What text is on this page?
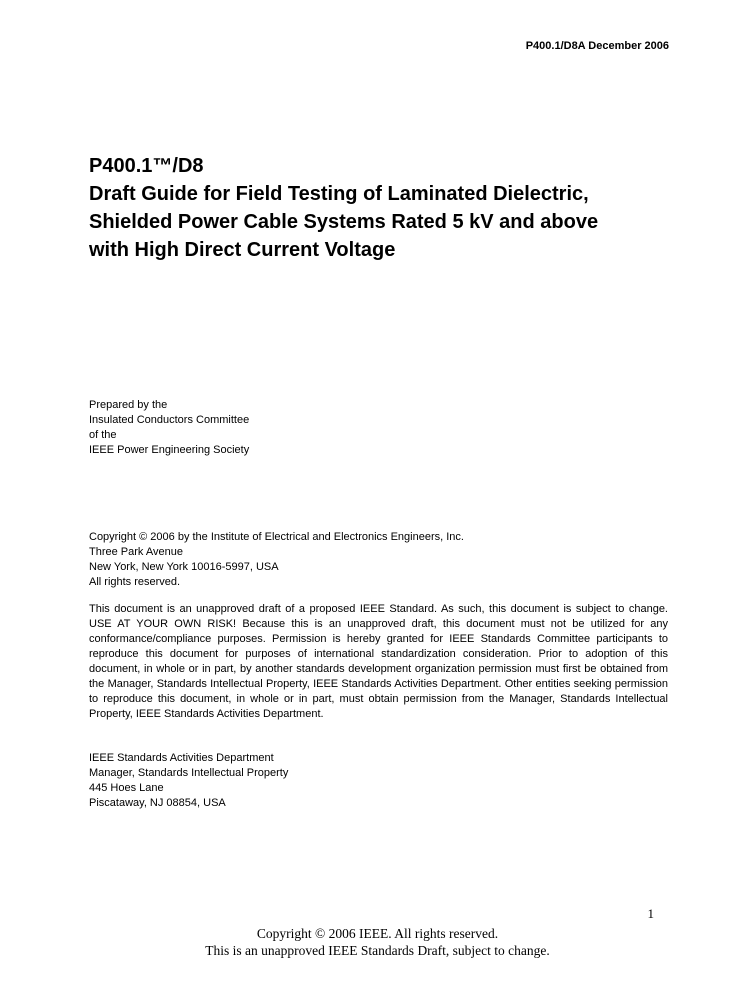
P400.1/D8A December 2006
P400.1™/D8
Draft Guide for Field Testing of Laminated Dielectric,
Shielded Power Cable Systems Rated 5 kV and above
with High Direct Current Voltage
Prepared by the
Insulated Conductors Committee
of the
IEEE Power Engineering Society
Copyright © 2006 by the Institute of Electrical and Electronics Engineers, Inc.
Three Park Avenue
New York, New York 10016-5997, USA
All rights reserved.
This document is an unapproved draft of a proposed IEEE Standard. As such, this document is subject to change. USE AT YOUR OWN RISK! Because this is an unapproved draft, this document must not be utilized for any conformance/compliance purposes. Permission is hereby granted for IEEE Standards Committee participants to reproduce this document for purposes of international standardization consideration. Prior to adoption of this document, in whole or in part, by another standards development organization permission must first be obtained from the Manager, Standards Intellectual Property, IEEE Standards Activities Department. Other entities seeking permission to reproduce this document, in whole or in part, must obtain permission from the Manager, Standards Intellectual Property, IEEE Standards Activities Department.
IEEE Standards Activities Department
Manager, Standards Intellectual Property
445 Hoes Lane
Piscataway, NJ 08854, USA
1
Copyright © 2006 IEEE. All rights reserved.
This is an unapproved IEEE Standards Draft, subject to change.
